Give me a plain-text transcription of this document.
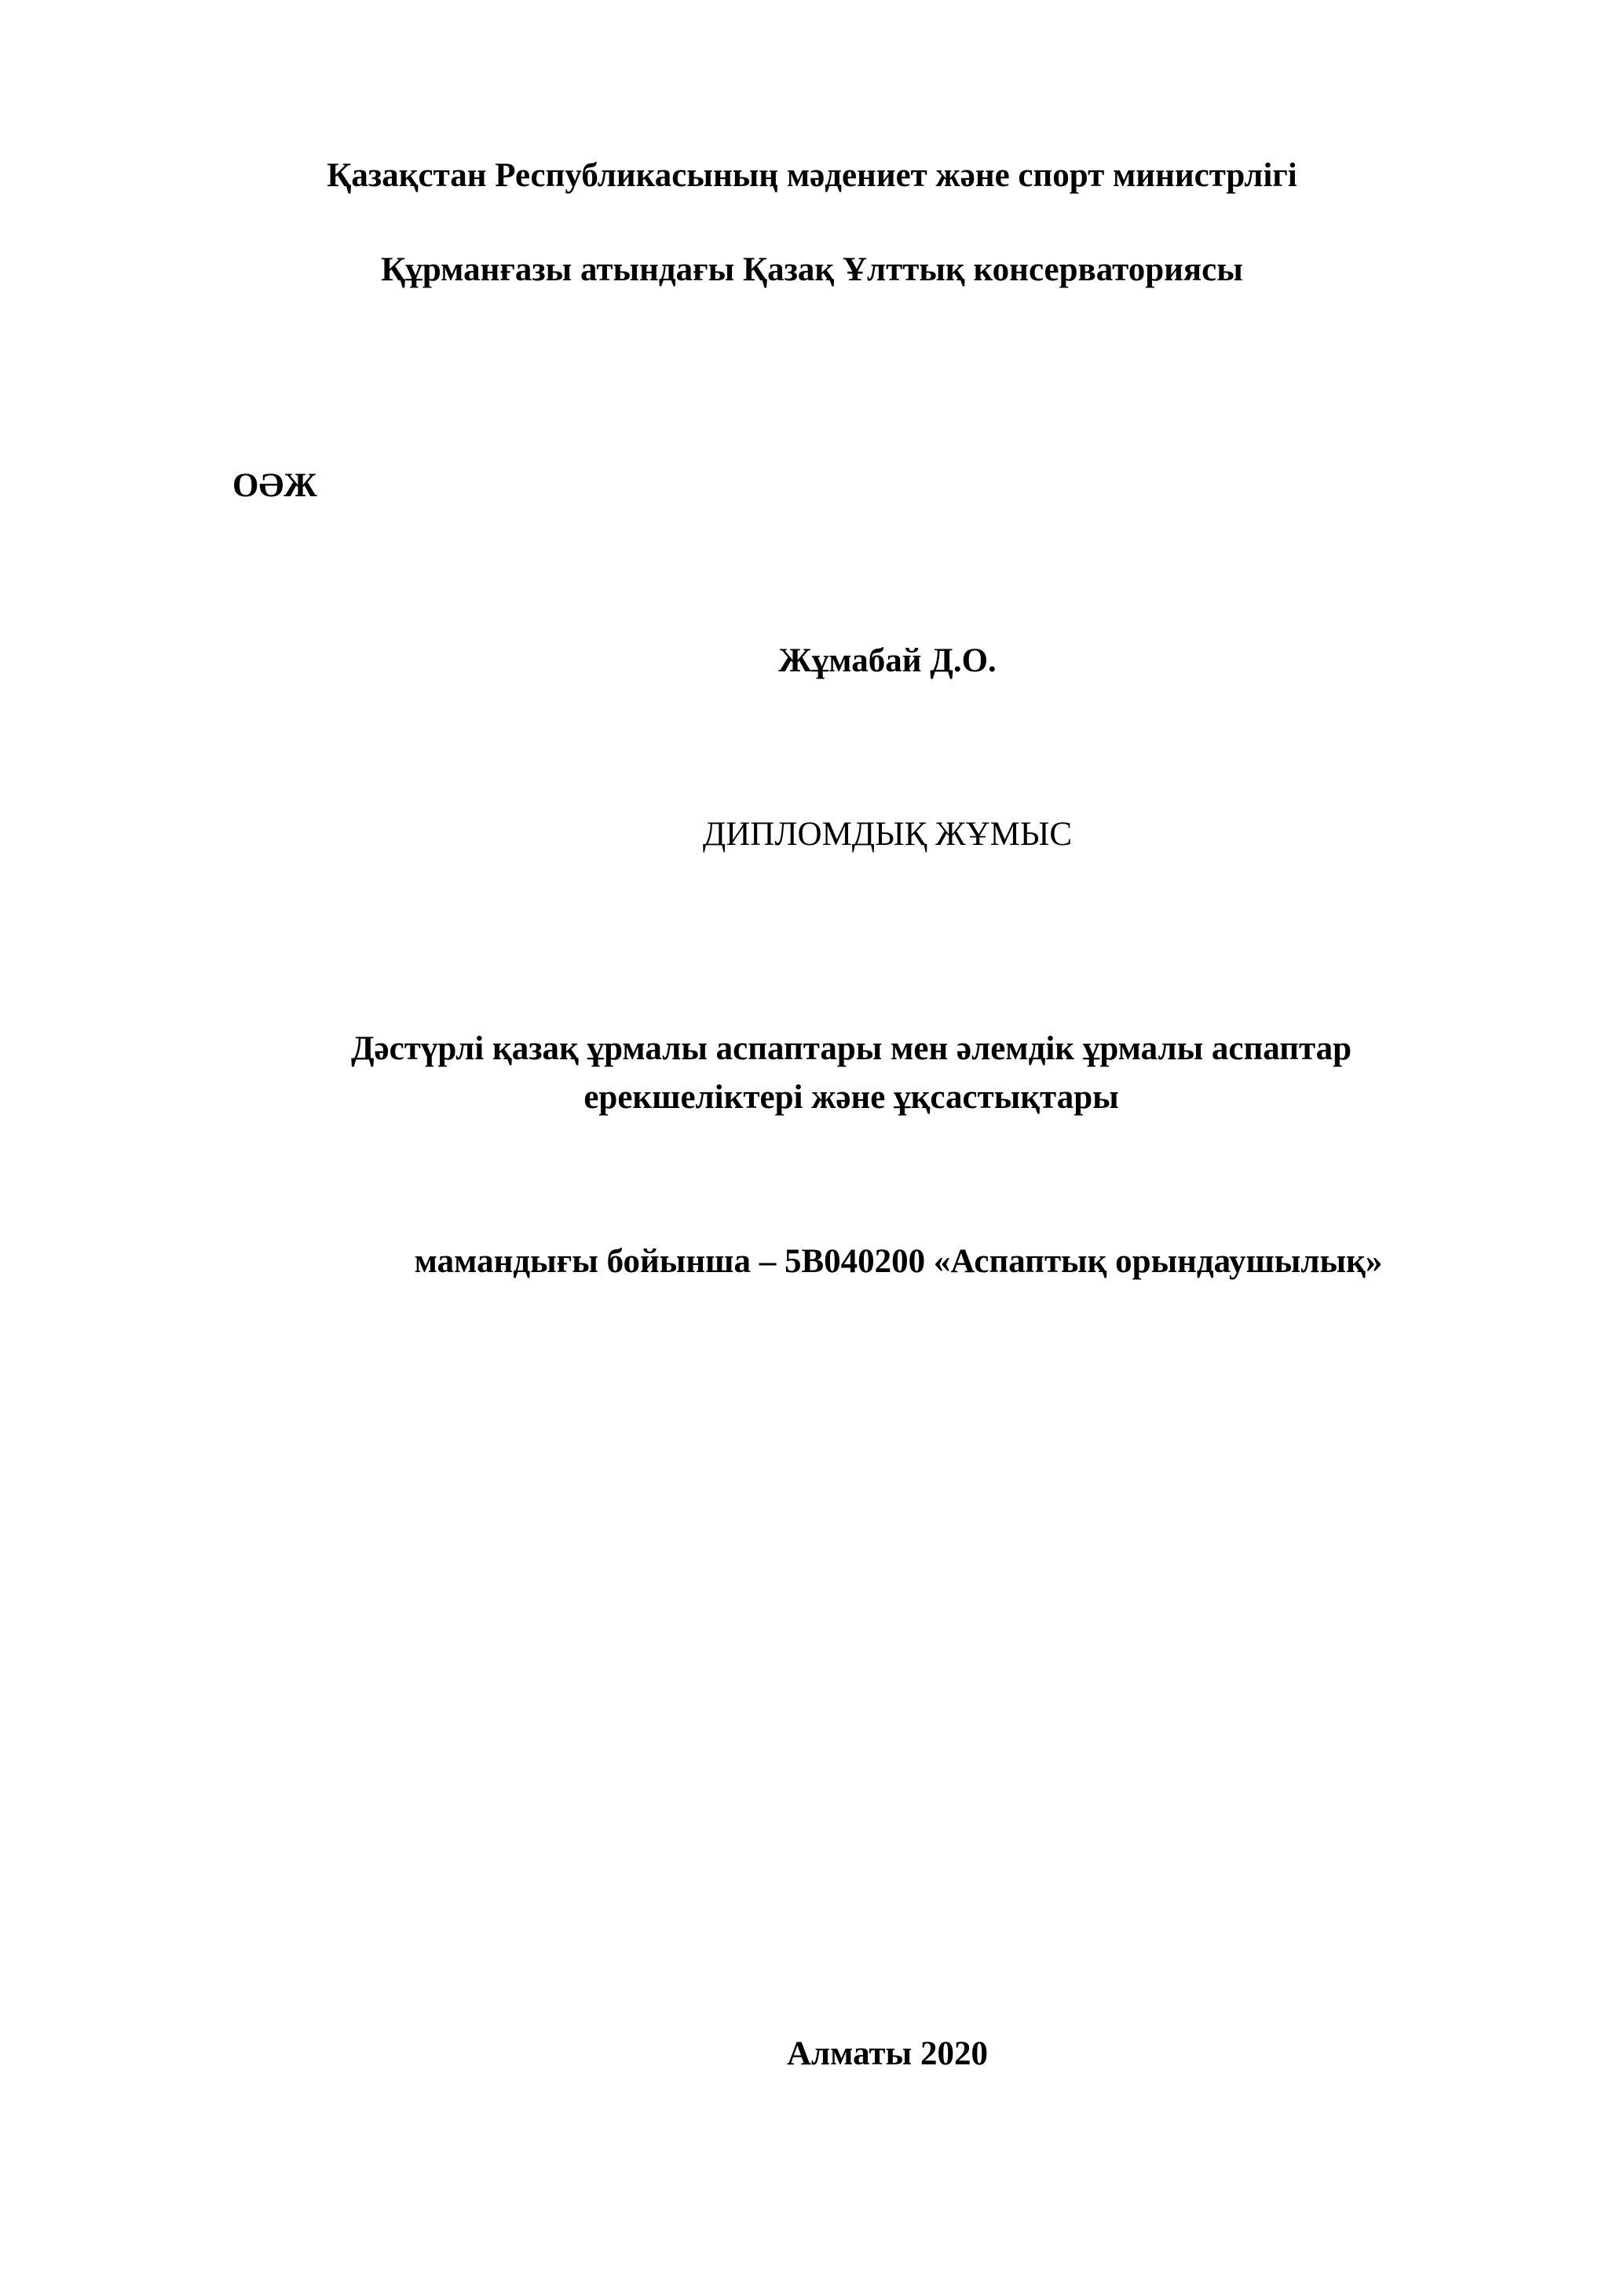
Қазақстан Республикасының мәдениет және спорт министрлігі
Құрманғазы атындағы Қазақ Ұлттық консерваториясы
ОӘЖ
Жұмабай Д.О.
ДИПЛОМДЫҚ ЖҰМЫС
Дәстүрлі қазақ ұрмалы аспаптары мен әлемдік ұрмалы аспаптар
ерекшеліктері және ұқсастықтары
мамандығы бойынша – 5В040200 «Аспаптық орындаушылық»
Алматы 2020
